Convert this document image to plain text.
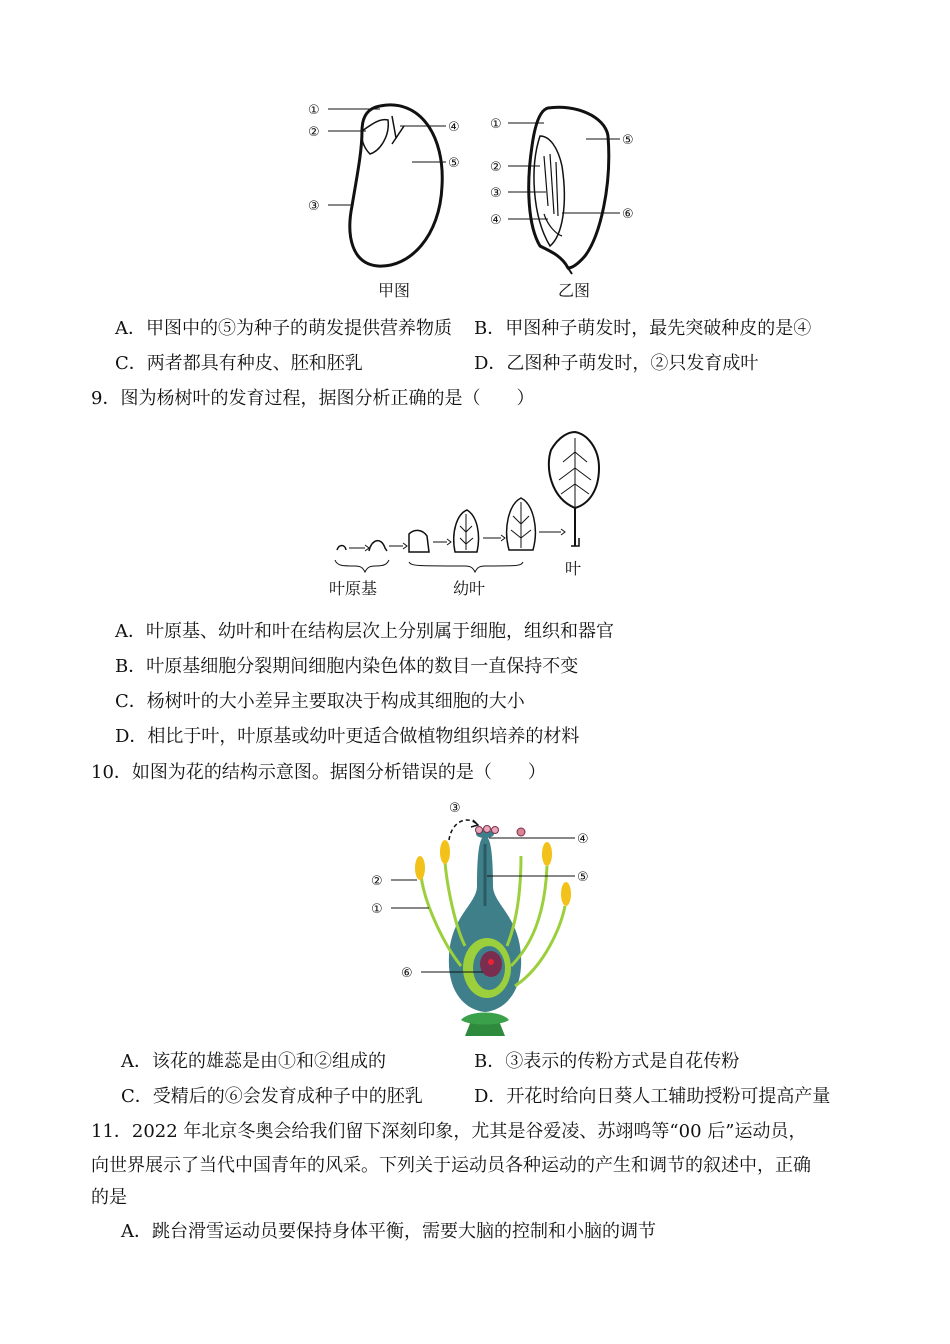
①
②
③
④
⑤
甲图
①
②
③
④
⑤
⑥
乙图
A．甲图中的⑤为种子的萌发提供营养物质 B．甲图种子萌发时，最先突破种皮的是④
C．两者都具有种皮、胚和胚乳	D．乙图种子萌发时，②只发育成叶
9．图为杨树叶的发育过程，据图分析正确的是（　　）
叶原基	幼叶
叶
A．叶原基、幼叶和叶在结构层次上分别属于细胞，组织和器官
B．叶原基细胞分裂期间细胞内染色体的数目一直保持不变
C．杨树叶的大小差异主要取决于构成其细胞的大小
D．相比于叶，叶原基或幼叶更适合做植物组织培养的材料
10．如图为花的结构示意图。据图分析错误的是（　　）
③
④
②	⑤
①
⑥
A．该花的雄蕊是由①和②组成的	B．③表示的传粉方式是自花传粉
C．受精后的⑥会发育成种子中的胚乳	D．开花时给向日葵人工辅助授粉可提高产量
11．2022 年北京冬奥会给我们留下深刻印象，尤其是谷爱凌、苏翊鸣等“00 后”运动员，
向世界展示了当代中国青年的风采。下列关于运动员各种运动的产生和调节的叙述中，正确
的是
A．跳台滑雪运动员要保持身体平衡，需要大脑的控制和小脑的调节
